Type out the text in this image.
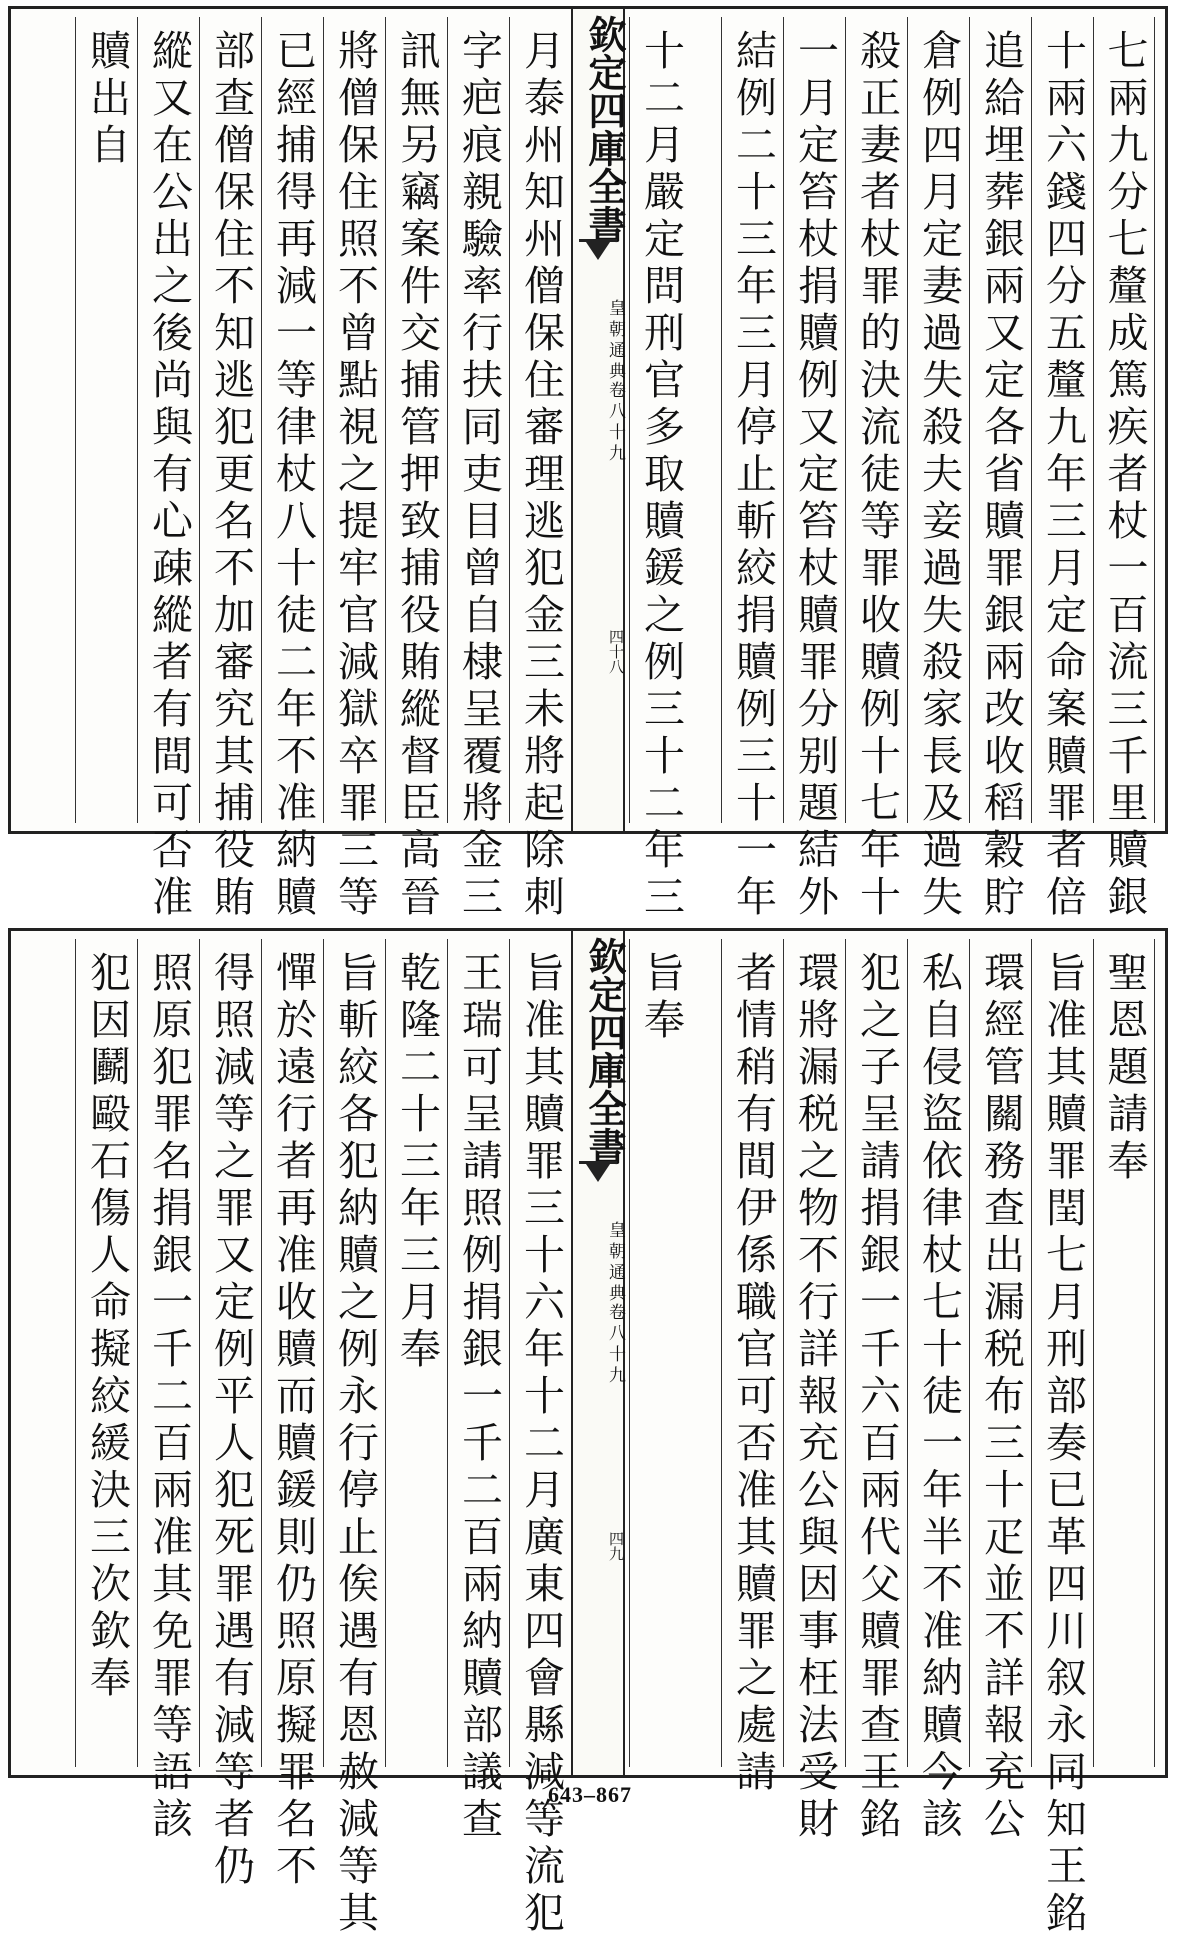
七兩九分七釐成篤疾者杖一百流三千里贖銀
十兩六錢四分五釐九年三月定命案贖罪者倍
追給埋葬銀兩又定各省贖罪銀兩改收稻穀貯
倉例四月定妻過失殺夫妾過失殺家長及過失
殺正妻者杖罪的決流徒等罪收贖例十七年十
一月定笞杖捐贖例又定笞杖贖罪分别題結外
結例二十三年三月停止斬絞捐贖例三十一年
十二月嚴定問刑官多取贖鍰之例三十二年三
欽定四庫全書
皇朝通典
卷八十九
四十八
月泰州知州僧保住審理逃犯金三未將起除刺
字疤痕親驗率行扶同吏目曾自棣呈覆將金三
訊無另竊案件交捕管押致捕役賄縱督臣高晉
將僧保住照不曾點視之提牢官減獄卒罪三等
已經捕得再減一等律杖八十徒二年不准納贖
部查僧保住不知逃犯更名不加審究其捕役賄
縱又在公出之後尚與有心疎縱者有間可否准
贖出自
聖恩題請奉
旨准其贖罪閏七月刑部奏已革四川叙永同知王銘
環經管關務查出漏税布三十疋並不詳報充公
私自侵盜依律杖七十徒一年半不准納贖今該
犯之子呈請捐銀一千六百兩代父贖罪查王銘
環將漏税之物不行詳報充公與因事枉法受財
者情稍有間伊係職官可否准其贖罪之處請
旨奉
欽定四庫全書
皇朝通典
卷八十九
四九
旨准其贖罪三十六年十二月廣東四會縣減等流犯
王瑞可呈請照例捐銀一千二百兩納贖部議查
乾隆二十三年三月奉
旨斬絞各犯納贖之例永行停止俟遇有恩赦減等其
憚於遠行者再准收贖而贖鍰則仍照原擬罪名不
得照減等之罪又定例平人犯死罪遇有減等者仍
照原犯罪名捐銀一千二百兩准其免罪等語該
犯因鬬毆石傷人命擬絞緩決三次欽奉
643–867
